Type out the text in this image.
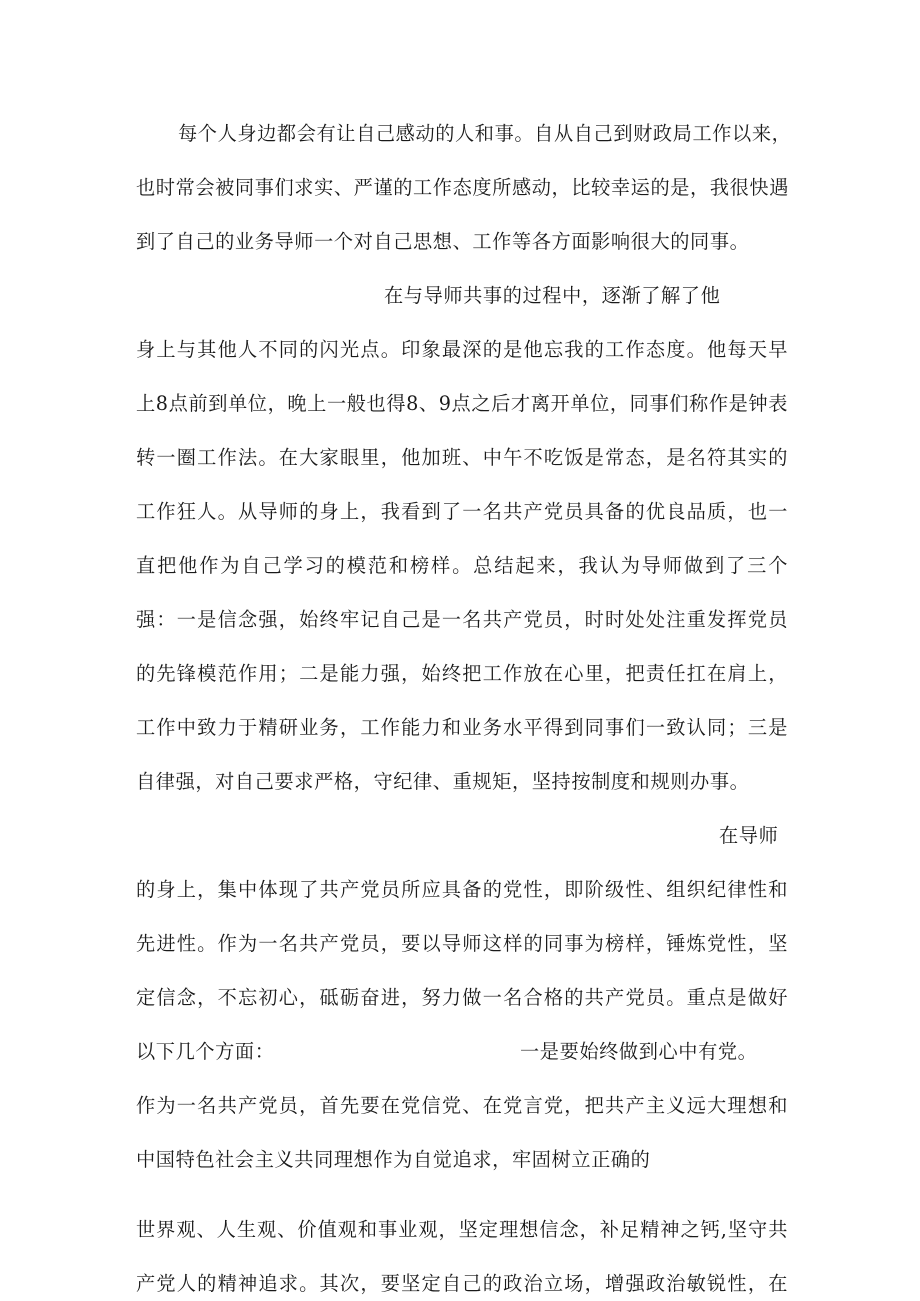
每个人身边都会有让自己感动的人和事。自从自己到财政局工作以来，

也时常会被同事们求实、严谨的工作态度所感动，比较幸运的是，我很快遇

到了自己的业务导师一个对自己思想、工作等各方面影响很大的同事。

在与导师共事的过程中，逐渐了解了他

身上与其他人不同的闪光点。印象最深的是他忘我的工作态度。他每天早

上8点前到单位，晚上一般也得8、9点之后才离开单位，同事们称作是钟表

转一圈工作法。在大家眼里，他加班、中午不吃饭是常态，是名符其实的

工作狂人。从导师的身上，我看到了一名共产党员具备的优良品质，也一

直把他作为自己学习的模范和榜样。总结起来，我认为导师做到了三个

强：一是信念强，始终牢记自己是一名共产党员，时时处处注重发挥党员

的先锋模范作用；二是能力强，始终把工作放在心里，把责任扛在肩上，

工作中致力于精研业务，工作能力和业务水平得到同事们一致认同；三是

自律强，对自己要求严格，守纪律、重规矩，坚持按制度和规则办事。

在导师

的身上，集中体现了共产党员所应具备的党性，即阶级性、组织纪律性和

先进性。作为一名共产党员，要以导师这样的同事为榜样，锤炼党性，坚

定信念，不忘初心，砥砺奋进，努力做一名合格的共产党员。重点是做好

以下几个方面：	一是要始终做到心中有党。

作为一名共产党员，首先要在党信党、在党言党，把共产主义远大理想和

中国特色社会主义共同理想作为自觉追求，牢固树立正确的

世界观、人生观、价值观和事业观，坚定理想信念，补足精神之钙,坚守共

产党人的精神追求。其次，要坚定自己的政治立场，增强政治敏锐性，在
